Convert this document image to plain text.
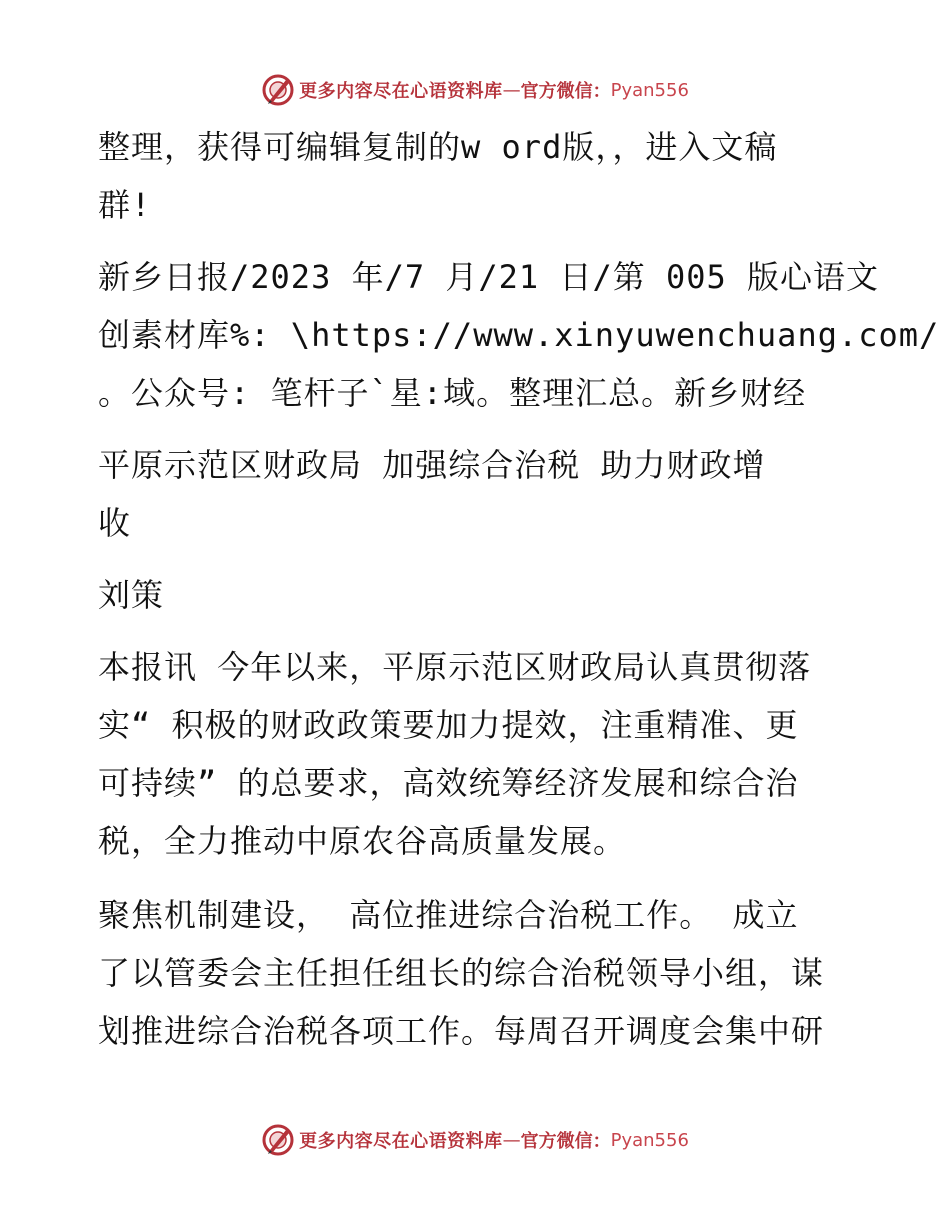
更多内容尽在心语资料库 — 官方微信： Pyan556

整理，获得可编辑复制的w ord版，，进入文稿
群!

新乡日报/2023 年/7 月/21 日/第 005 版心语文
创素材库%: \https://www.xinyuwenchuang.com/
。公众号: 笔杆子`星:域。整理汇总。新乡财经

平原示范区财政局 加强综合治税 助力财政增
收

刘策

本报讯 今年以来，平原示范区财政局认真贯彻落
实“ 积极的财政政策要加力提效，注重精准、更
可持续” 的总要求，高效统筹经济发展和综合治
税，全力推动中原农谷高质量发展。

聚焦机制建设， 高位推进综合治税工作。 成立
了以管委会主任担任组长的综合治税领导小组，谋
划推进综合治税各项工作。每周召开调度会集中研

更多内容尽在心语资料库 — 官方微信： Pyan556
